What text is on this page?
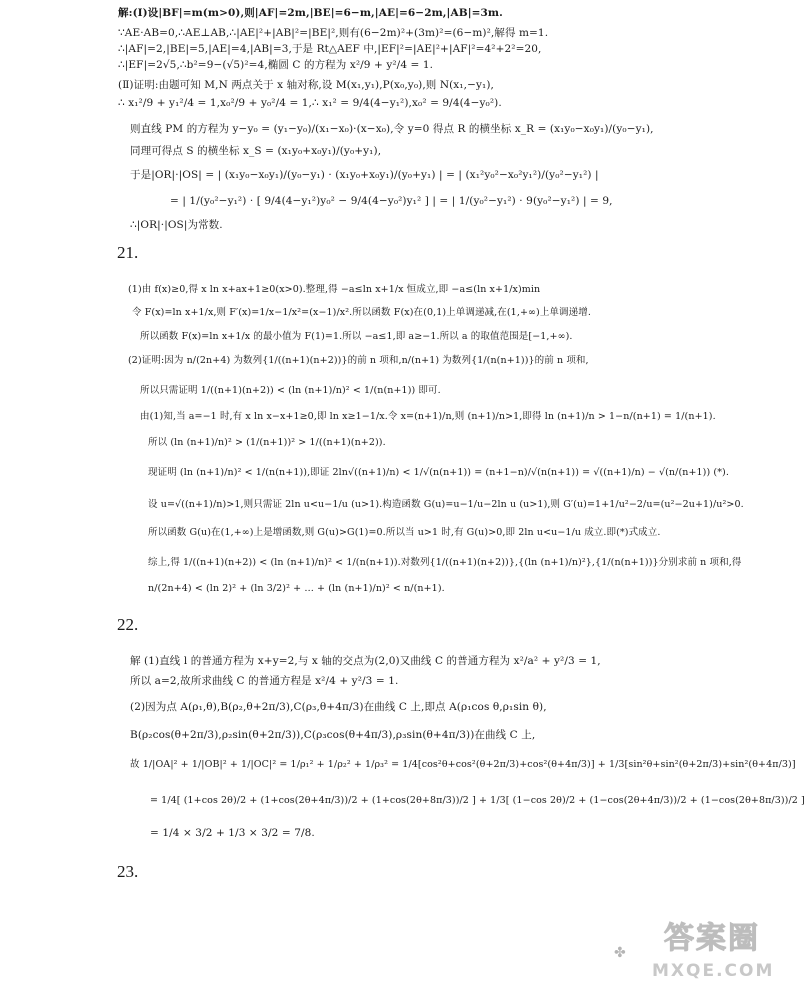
解:(Ⅰ)设|BF|=m(m>0),则|AF|=2m,|BE|=6−m,|AE|=6−2m,|AB|=3m.
∵AE·AB=0,∴AE⊥AB,∴|AE|²+|AB|²=|BE|²,则有(6−2m)²+(3m)²=(6−m)²,解得 m=1.
∴|AF|=2,|BE|=5,|AE|=4,|AB|=3,于是 Rt△AEF 中,|EF|²=|AE|²+|AF|²=4²+2²=20,
∴|EF|=2√5,∴b²=9−(√5)²=4,椭圆 C 的方程为 x²/9 + y²/4 = 1.
(Ⅱ)证明:由题可知 M,N 两点关于 x 轴对称,设 M(x₁,y₁),P(x₀,y₀),则 N(x₁,−y₁),
∴ x₁²/9 + y₁²/4 = 1,x₀²/9 + y₀²/4 = 1,∴ x₁² = 9/4(4−y₁²),x₀² = 9/4(4−y₀²).
则直线 PM 的方程为 y−y₀ = (y₁−y₀)/(x₁−x₀)·(x−x₀),令 y=0 得点 R 的横坐标 x_R = (x₁y₀−x₀y₁)/(y₀−y₁),
同理可得点 S 的横坐标 x_S = (x₁y₀+x₀y₁)/(y₀+y₁),
于是|OR|·|OS| = | (x₁y₀−x₀y₁)/(y₀−y₁) · (x₁y₀+x₀y₁)/(y₀+y₁) | = | (x₁²y₀²−x₀²y₁²)/(y₀²−y₁²) |
= | 1/(y₀²−y₁²) · [ 9/4(4−y₁²)y₀² − 9/4(4−y₀²)y₁² ] | = | 1/(y₀²−y₁²) · 9(y₀²−y₁²) | = 9,
∴|OR|·|OS|为常数.
21.
(1)由 f(x)≥0,得 x ln x+ax+1≥0(x>0).整理,得 −a≤ln x+1/x 恒成立,即 −a≤(ln x+1/x)min
令 F(x)=ln x+1/x,则 F′(x)=1/x−1/x²=(x−1)/x².所以函数 F(x)在(0,1)上单调递减,在(1,+∞)上单调递增.
所以函数 F(x)=ln x+1/x 的最小值为 F(1)=1.所以 −a≤1,即 a≥−1.所以 a 的取值范围是[−1,+∞).
(2)证明:因为 n/(2n+4) 为数列{1/((n+1)(n+2))}的前 n 项和,n/(n+1) 为数列{1/(n(n+1))}的前 n 项和,
所以只需证明 1/((n+1)(n+2)) < (ln (n+1)/n)² < 1/(n(n+1)) 即可.
由(1)知,当 a=−1 时,有 x ln x−x+1≥0,即 ln x≥1−1/x.令 x=(n+1)/n,则 (n+1)/n>1,即得 ln (n+1)/n > 1−n/(n+1) = 1/(n+1).
所以 (ln (n+1)/n)² > (1/(n+1))² > 1/((n+1)(n+2)).
现证明 (ln (n+1)/n)² < 1/(n(n+1)),即证 2ln√((n+1)/n) < 1/√(n(n+1)) = (n+1−n)/√(n(n+1)) = √((n+1)/n) − √(n/(n+1)) (*).
设 u=√((n+1)/n)>1,则只需证 2ln u<u−1/u (u>1).构造函数 G(u)=u−1/u−2ln u (u>1),则 G′(u)=1+1/u²−2/u=(u²−2u+1)/u²>0.
所以函数 G(u)在(1,+∞)上是增函数,则 G(u)>G(1)=0.所以当 u>1 时,有 G(u)>0,即 2ln u<u−1/u 成立.即(*)式成立.
综上,得 1/((n+1)(n+2)) < (ln (n+1)/n)² < 1/(n(n+1)).对数列{1/((n+1)(n+2))},{(ln (n+1)/n)²},{1/(n(n+1))}分别求前 n 项和,得
n/(2n+4) < (ln 2)² + (ln 3/2)² + … + (ln (n+1)/n)² < n/(n+1).
22.
解 (1)直线 l 的普通方程为 x+y=2,与 x 轴的交点为(2,0)又曲线 C 的普通方程为 x²/a² + y²/3 = 1,
所以 a=2,故所求曲线 C 的普通方程是 x²/4 + y²/3 = 1.
(2)因为点 A(ρ₁,θ),B(ρ₂,θ+2π/3),C(ρ₃,θ+4π/3)在曲线 C 上,即点 A(ρ₁cos θ,ρ₁sin θ),
B(ρ₂cos(θ+2π/3),ρ₂sin(θ+2π/3)),C(ρ₃cos(θ+4π/3),ρ₃sin(θ+4π/3))在曲线 C 上,
故 1/|OA|² + 1/|OB|² + 1/|OC|² = 1/ρ₁² + 1/ρ₂² + 1/ρ₃² = 1/4[cos²θ+cos²(θ+2π/3)+cos²(θ+4π/3)] + 1/3[sin²θ+sin²(θ+2π/3)+sin²(θ+4π/3)]
= 1/4[ (1+cos 2θ)/2 + (1+cos(2θ+4π/3))/2 + (1+cos(2θ+8π/3))/2 ] + 1/3[ (1−cos 2θ)/2 + (1−cos(2θ+4π/3))/2 + (1−cos(2θ+8π/3))/2 ]
= 1/4 × 3/2 + 1/3 × 3/2 = 7/8.
23.
✤ 答案圈
MXQE.COM
